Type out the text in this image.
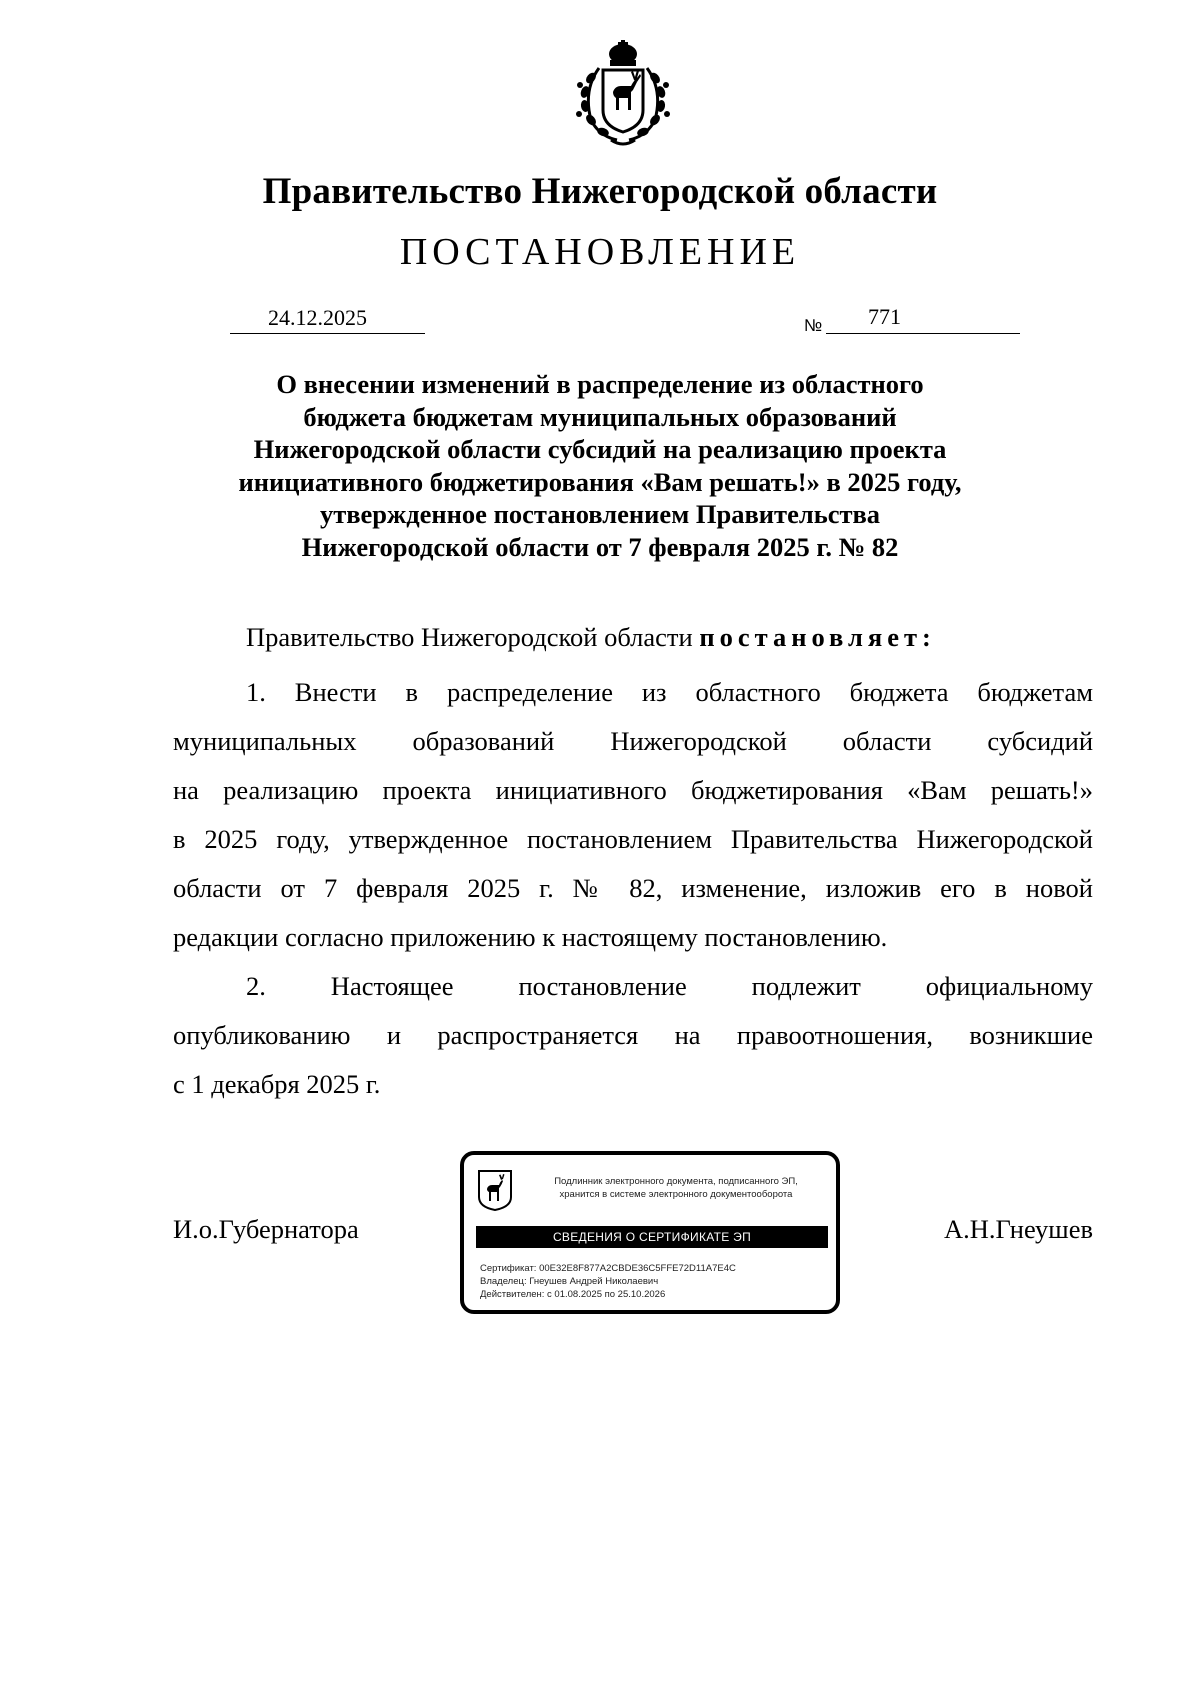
Правительство Нижегородской области
ПОСТАНОВЛЕНИЕ
24.12.2025	№ 771
О внесении изменений в распределение из областного
бюджета бюджетам муниципальных образований
Нижегородской области субсидий на реализацию проекта
инициативного бюджетирования «Вам решать!» в 2025 году,
утвержденное постановлением Правительства
Нижегородской области от 7 февраля 2025 г. № 82
Правительство Нижегородской области постановляет:
1. Внести в распределение из областного бюджета бюджетам
муниципальных образований Нижегородской области субсидий
на реализацию проекта инициативного бюджетирования «Вам решать!»
в 2025 году, утвержденное постановлением Правительства Нижегородской
области от 7 февраля 2025 г. № 82, изменение, изложив его в новой
редакции согласно приложению к настоящему постановлению.
2. Настоящее постановление подлежит официальному
опубликованию и распространяется на правоотношения, возникшие
с 1 декабря 2025 г.
И.о.Губернатора	А.Н.Гнеушев
Подлинник электронного документа, подписанного ЭП,
хранится в системе электронного документооборота
СВЕДЕНИЯ О СЕРТИФИКАТЕ ЭП
Сертификат: 00E32E8F877A2CBDE36C5FFE72D11A7E4C
Владелец: Гнеушев Андрей Николаевич
Действителен: с 01.08.2025 по 25.10.2026
